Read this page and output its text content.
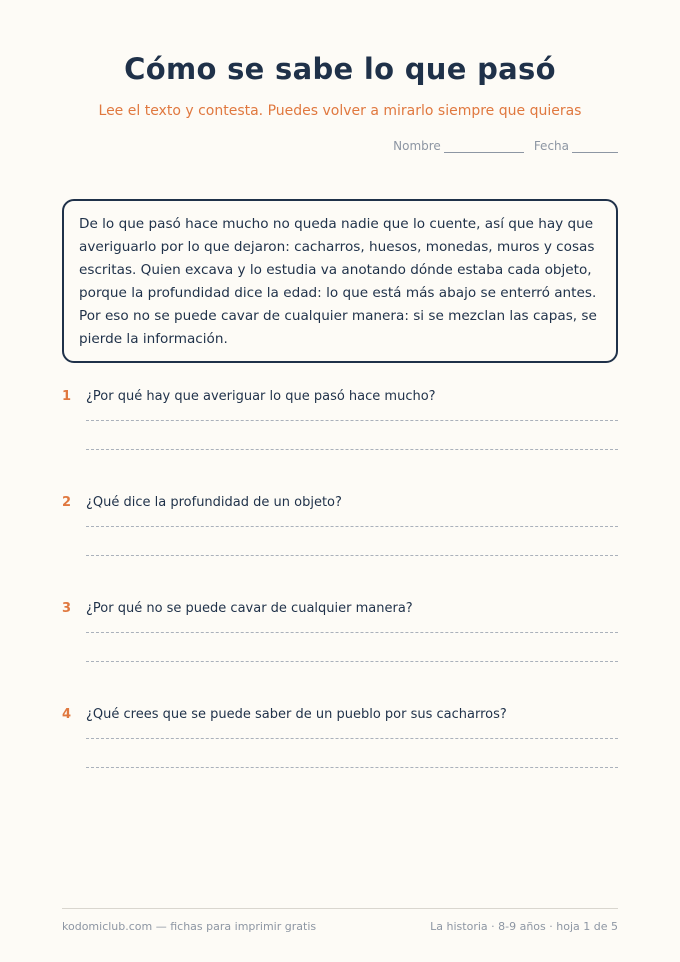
Cómo se sabe lo que pasó
Lee el texto y contesta. Puedes volver a mirarlo siempre que quieras
Nombre	Fecha
De lo que pasó hace mucho no queda nadie que lo cuente, así que hay que averiguarlo por lo que dejaron: cacharros, huesos, monedas, muros y cosas escritas. Quien excava y lo estudia va anotando dónde estaba cada objeto, porque la profundidad dice la edad: lo que está más abajo se enterró antes. Por eso no se puede cavar de cualquier manera: si se mezclan las capas, se pierde la información.
1	¿Por qué hay que averiguar lo que pasó hace mucho?
2	¿Qué dice la profundidad de un objeto?
3	¿Por qué no se puede cavar de cualquier manera?
4	¿Qué crees que se puede saber de un pueblo por sus cacharros?
kodomiclub.com — fichas para imprimir gratis	La historia · 8-9 años · hoja 1 de 5
